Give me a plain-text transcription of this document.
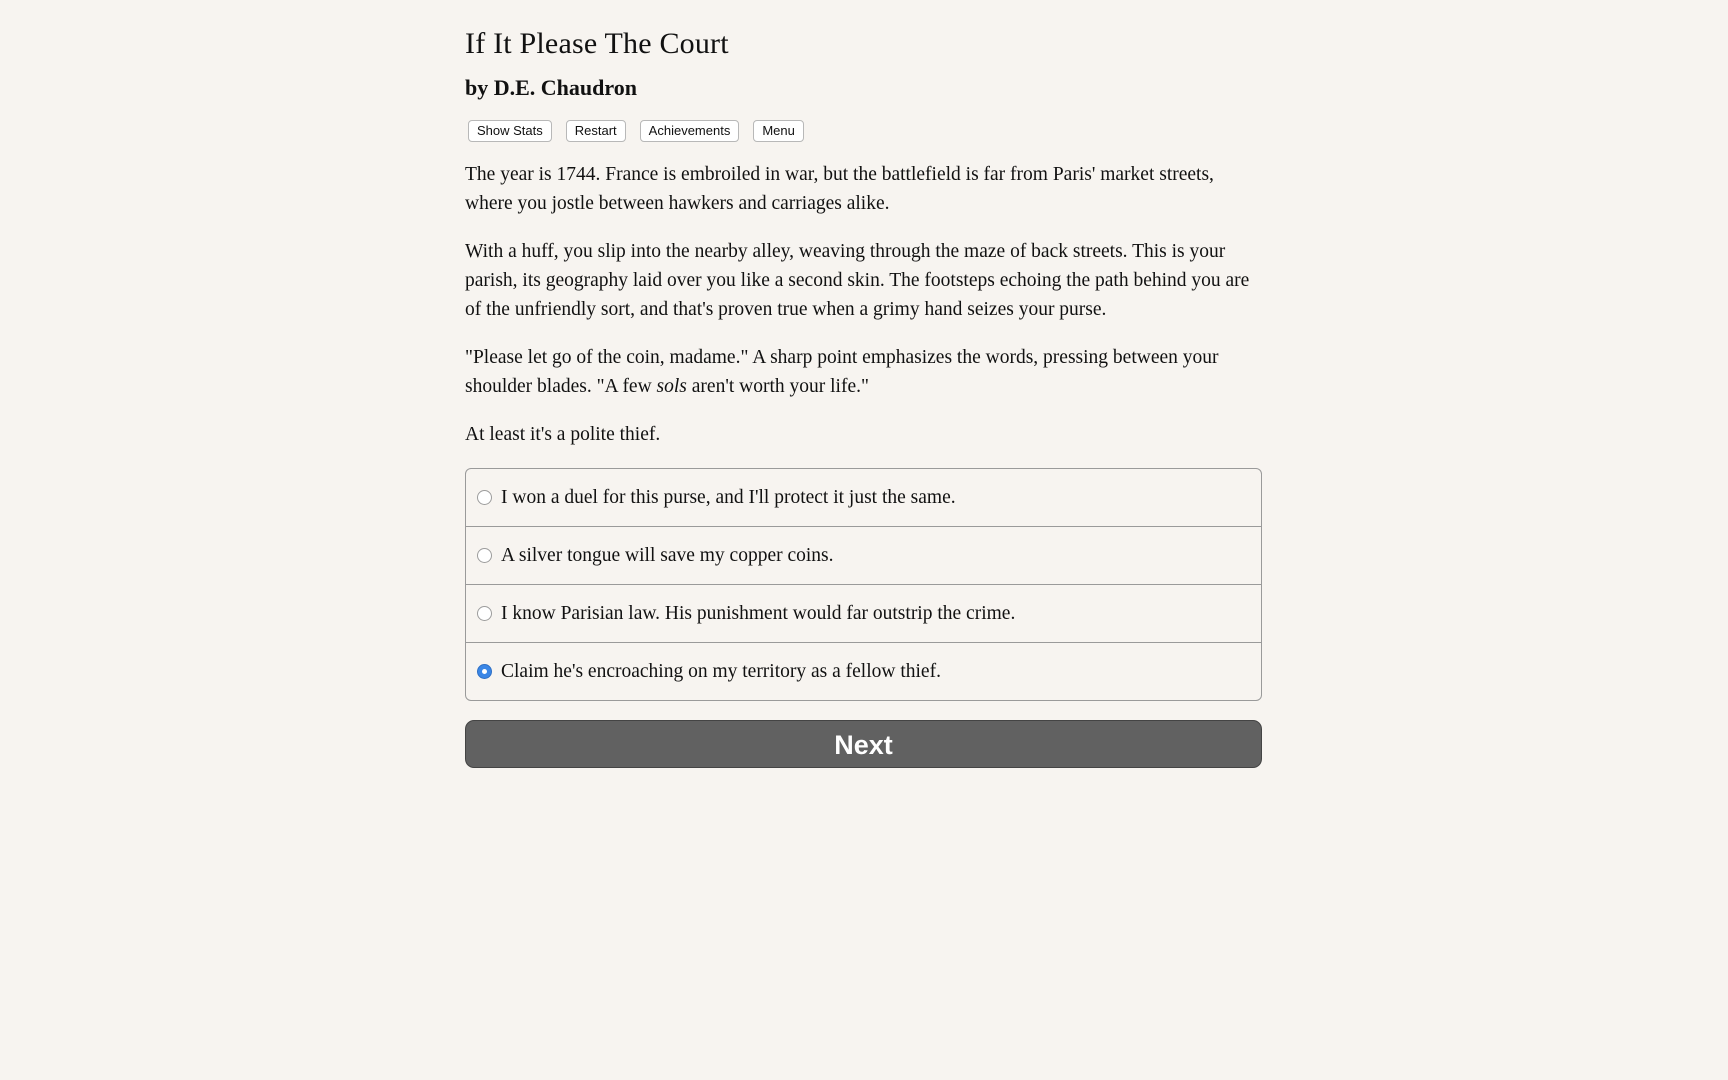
If It Please The Court
by D.E. Chaudron
Show Stats	Restart	Achievements	Menu

The year is 1744. France is embroiled in war, but the battlefield is far from Paris' market streets, where you jostle between hawkers and carriages alike.

With a huff, you slip into the nearby alley, weaving through the maze of back streets. This is your parish, its geography laid over you like a second skin. The footsteps echoing the path behind you are of the unfriendly sort, and that's proven true when a grimy hand seizes your purse.

"Please let go of the coin, madame." A sharp point emphasizes the words, pressing between your shoulder blades. "A few sols aren't worth your life."

At least it's a polite thief.

I won a duel for this purse, and I'll protect it just the same.
A silver tongue will save my copper coins.
I know Parisian law. His punishment would far outstrip the crime.
Claim he's encroaching on my territory as a fellow thief.
Next
